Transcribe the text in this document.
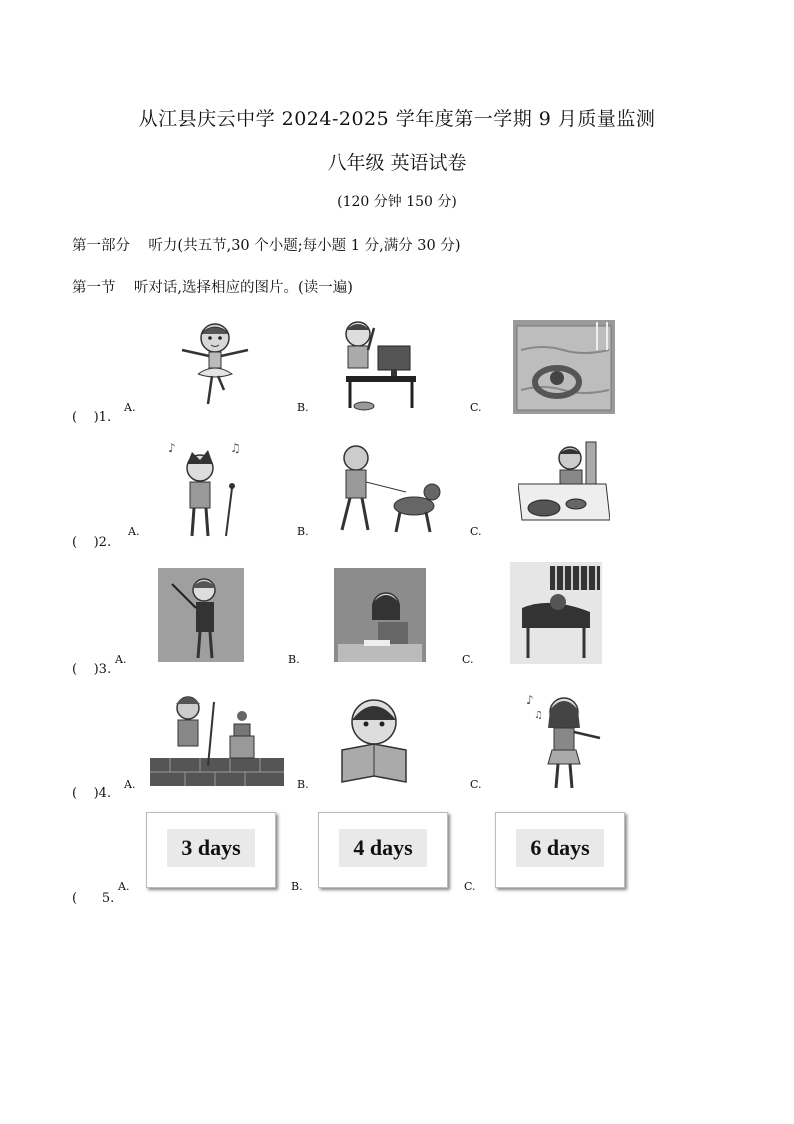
从江县庆云中学 2024-2025 学年度第一学期 9 月质量监测
八年级 英语试卷
(120 分钟 150 分)
第一部分    听力(共五节,30 个小题;每小题 1 分,满分 30 分)
第一节    听对话,选择相应的图片。(读一遍)
(    )1.
A.	B.	C.
(    )2.
A.	B.	C.
♪	♫
(    )3.
A.	B.	C.
(    )4.
A.	B.	C.
♪
♫
(      5.
A.	B.	C.
3 days	4 days	6 days
